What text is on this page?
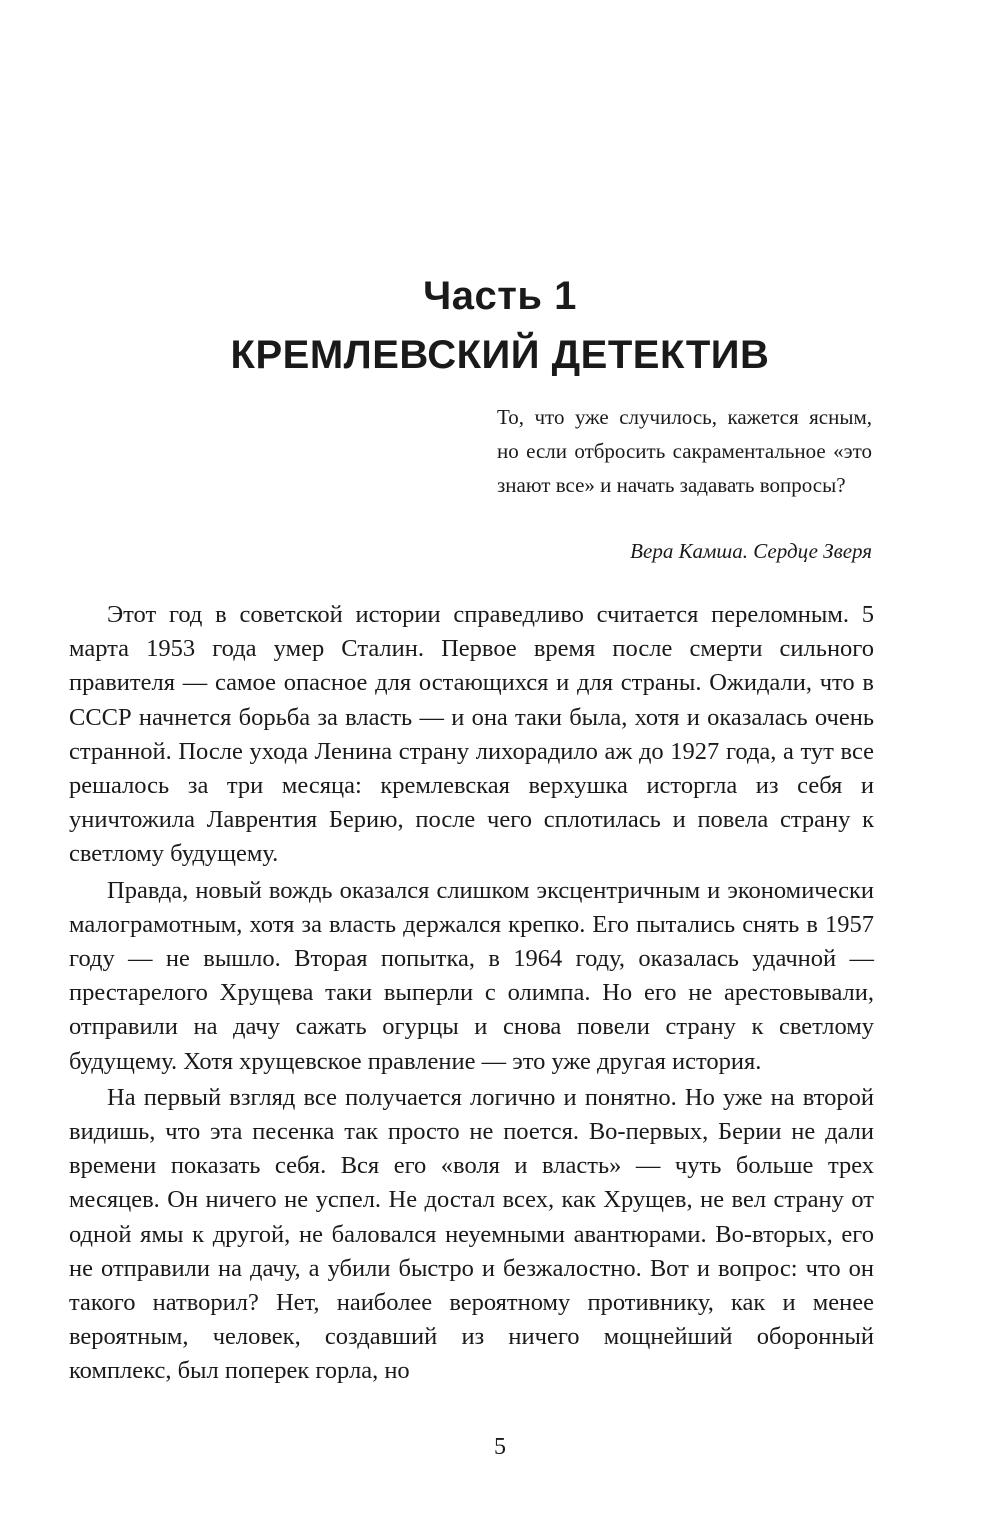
Часть 1
КРЕМЛЕВСКИЙ ДЕТЕКТИВ
То, что уже случилось, кажется ясным, но если отбросить сакраментальное «это знают все» и начать задавать вопросы?
Вера Камша. Сердце Зверя

Этот год в советской истории справедливо считается переломным. 5 марта 1953 года умер Сталин. Первое время после смерти сильного правителя — самое опасное для остающихся и для страны. Ожидали, что в СССР начнется борьба за власть — и она таки была, хотя и оказалась очень странной. После ухода Ленина страну лихорадило аж до 1927 года, а тут все решалось за три месяца: кремлевская верхушка исторгла из себя и уничтожила Лаврентия Берию, после чего сплотилась и повела страну к светлому будущему.

Правда, новый вождь оказался слишком эксцентричным и экономически малограмотным, хотя за власть держался крепко. Его пытались снять в 1957 году — не вышло. Вторая попытка, в 1964 году, оказалась удачной — престарелого Хрущева таки выперли с олимпа. Но его не арестовывали, отправили на дачу сажать огурцы и снова повели страну к светлому будущему. Хотя хрущевское правление — это уже другая история.

На первый взгляд все получается логично и понятно. Но уже на второй видишь, что эта песенка так просто не поется. Во-первых, Берии не дали времени показать себя. Вся его «воля и власть» — чуть больше трех месяцев. Он ничего не успел. Не достал всех, как Хрущев, не вел страну от одной ямы к другой, не баловался неуемными авантюрами. Во-вторых, его не отправили на дачу, а убили быстро и безжалостно. Вот и вопрос: что он такого натворил? Нет, наиболее вероятному противнику, как и менее вероятным, человек, создавший из ничего мощнейший оборонный комплекс, был поперек горла, но

5
